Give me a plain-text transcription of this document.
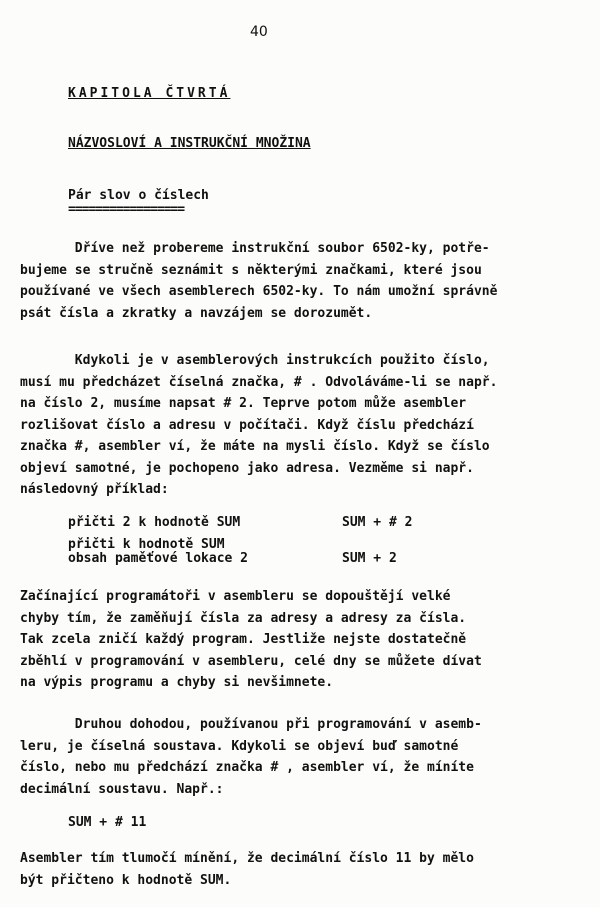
40
KAPITOLA ČTVRTÁ
NÁZVOSLOVÍ A INSTRUKČNÍ MNOŽINA
Pár slov o číslech
=================

Dříve než probereme instrukční soubor 6502-ky, potře-
bujeme se stručně seznámit s některými značkami, které jsou
používané ve všech asemblerech 6502-ky. To nám umožní správně
psát čísla a zkratky a navzájem se dorozumět.

Kdykoli je v asemblerových instrukcích použito číslo,
musí mu předcházet číselná značka, # . Odvoláváme-li se např.
na číslo 2, musíme napsat # 2. Teprve potom může asembler
rozlišovat číslo a adresu v počítači. Když číslu předchází
značka #, asembler ví, že máte na mysli číslo. Když se číslo
objeví samotné, je pochopeno jako adresa. Vezměme si např.
následovný příklad:

přičti 2 k hodnotě SUM	SUM + # 2
přičti k hodnotě SUM
obsah paměťové lokace 2	SUM + 2

Začínající programátoři v asembleru se dopouštějí velké
chyby tím, že zaměňují čísla za adresy a adresy za čísla.
Tak zcela zničí každý program. Jestliže nejste dostatečně
zběhlí v programování v asembleru, celé dny se můžete dívat
na výpis programu a chyby si nevšimnete.

Druhou dohodou, používanou při programování v asemb-
leru, je číselná soustava. Kdykoli se objeví buď samotné
číslo, nebo mu předchází značka # , asembler ví, že míníte
decimální soustavu. Např.:

SUM + # 11

Asembler tím tlumočí mínění, že decimální číslo 11 by mělo
být přičteno k hodnotě SUM.
